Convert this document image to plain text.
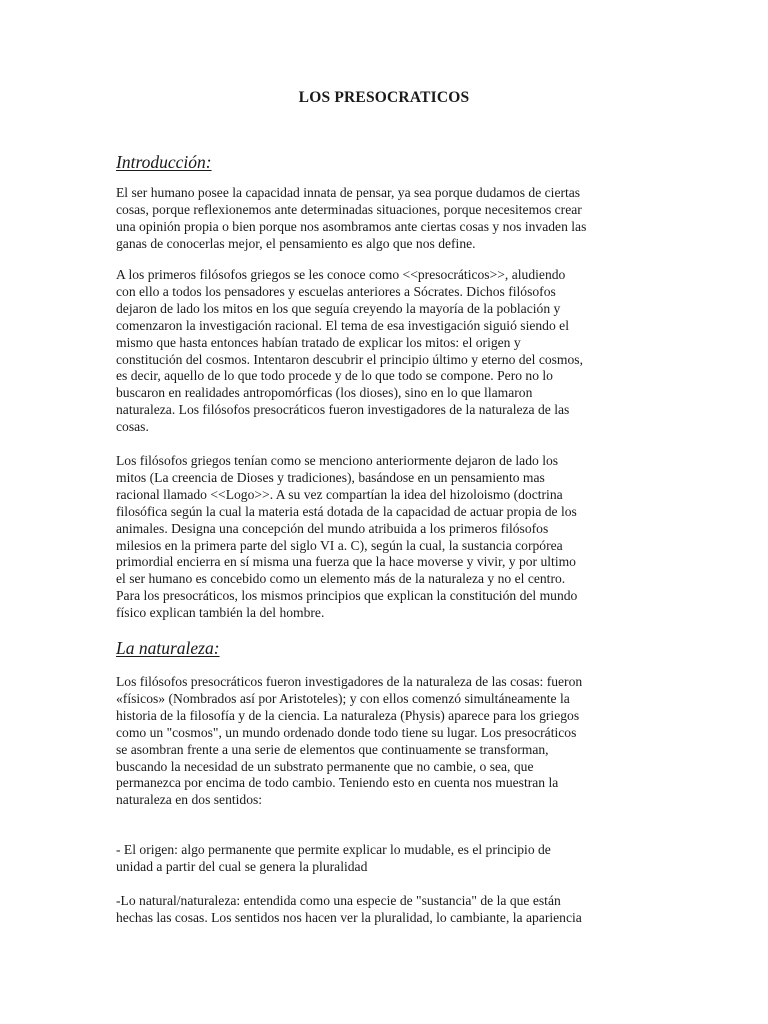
LOS PRESOCRATICOS
Introducción:

El ser humano posee la capacidad innata de pensar, ya sea porque dudamos de ciertas
cosas, porque reflexionemos ante determinadas situaciones, porque necesitemos crear
una opinión propia o bien porque nos asombramos ante ciertas cosas y nos invaden las
ganas de conocerlas mejor, el pensamiento es algo que nos define.

A los primeros filósofos griegos se les conoce como <<presocráticos>>, aludiendo
con ello a todos los pensadores y escuelas anteriores a Sócrates. Dichos filósofos
dejaron de lado los mitos en los que seguía creyendo la mayoría de la población y
comenzaron la investigación racional. El tema de esa investigación siguió siendo el
mismo que hasta entonces habían tratado de explicar los mitos: el origen y
constitución del cosmos. Intentaron descubrir el principio último y eterno del cosmos,
es decir, aquello de lo que todo procede y de lo que todo se compone. Pero no lo
buscaron en realidades antropomórficas (los dioses), sino en lo que llamaron
naturaleza. Los filósofos presocráticos fueron investigadores de la naturaleza de las
cosas.

Los filósofos griegos tenían como se menciono anteriormente dejaron de lado los
mitos (La creencia de Dioses y tradiciones), basándose en un pensamiento mas
racional llamado <<Logo>>. A su vez compartían la idea del hizoloismo (doctrina
filosófica según la cual la materia está dotada de la capacidad de actuar propia de los
animales. Designa una concepción del mundo atribuida a los primeros filósofos
milesios en la primera parte del siglo VI a. C), según la cual, la sustancia corpórea
primordial encierra en sí misma una fuerza que la hace moverse y vivir, y por ultimo
el ser humano es concebido como un elemento más de la naturaleza y no el centro.
Para los presocráticos, los mismos principios que explican la constitución del mundo
físico explican también la del hombre.

La naturaleza:

Los filósofos presocráticos fueron investigadores de la naturaleza de las cosas: fueron
«físicos» (Nombrados así por Aristoteles); y con ellos comenzó simultáneamente la
historia de la filosofía y de la ciencia. La naturaleza (Physis) aparece para los griegos
como un "cosmos", un mundo ordenado donde todo tiene su lugar. Los presocráticos
se asombran frente a una serie de elementos que continuamente se transforman,
buscando la necesidad de un substrato permanente que no cambie, o sea, que
permanezca por encima de todo cambio. Teniendo esto en cuenta nos muestran la
naturaleza en dos sentidos:

- El origen: algo permanente que permite explicar lo mudable, es el principio de
unidad a partir del cual se genera la pluralidad

-Lo natural/naturaleza: entendida como una especie de "sustancia" de la que están
hechas las cosas. Los sentidos nos hacen ver la pluralidad, lo cambiante, la apariencia
